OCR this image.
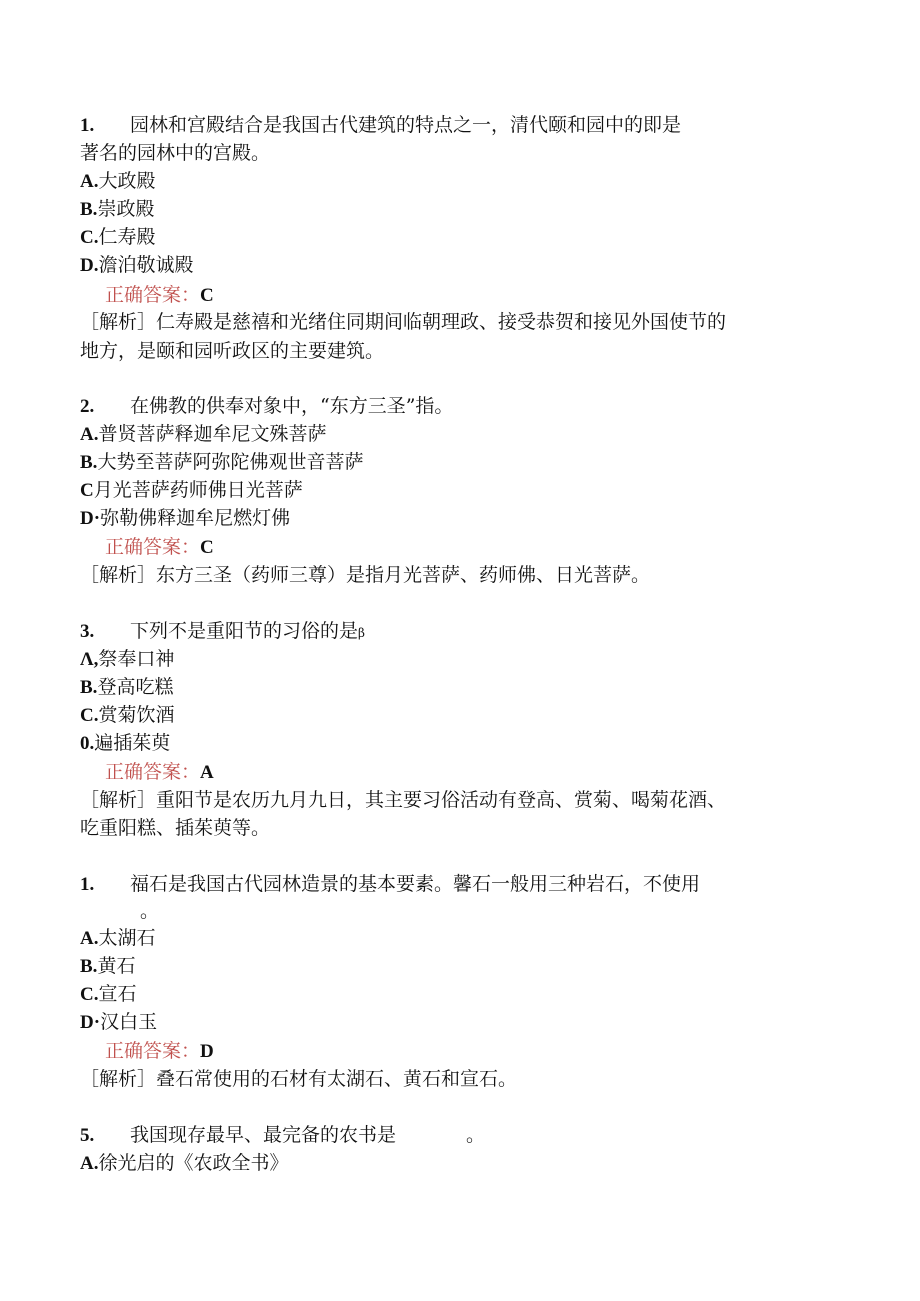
1. 园林和宫殿结合是我国古代建筑的特点之一，清代颐和园中的即是
著名的园林中的宫殿。
A.大政殿
B.崇政殿
C.仁寿殿
D.澹泊敬诚殿
正确答案：C
［解析］仁寿殿是慈禧和光绪住同期间临朝理政、接受恭贺和接见外国使节的
地方，是颐和园听政区的主要建筑。
2. 在佛教的供奉对象中，“东方三圣”指。
A.普贤菩萨释迦牟尼文殊菩萨
B.大势至菩萨阿弥陀佛观世音菩萨
C月光菩萨药师佛日光菩萨
D·弥勒佛释迦牟尼燃灯佛
正确答案：C
［解析］东方三圣（药师三尊）是指月光菩萨、药师佛、日光菩萨。
3. 下列不是重阳节的习俗的是β
Λ,祭奉口神
B.登高吃糕
C.赏菊饮酒
0.遍插茱萸
正确答案：A
［解析］重阳节是农历九月九日，其主要习俗活动有登高、赏菊、喝菊花酒、
吃重阳糕、插茱萸等。
1. 福石是我国古代园林造景的基本要素。馨石一般用三种岩石，不使用
。
A.太湖石
B.黄石
C.宣石
D·汉白玉
正确答案：D
［解析］叠石常使用的石材有太湖石、黄石和宣石。
5. 我国现存最早、最完备的农书是	。
A.徐光启的《农政全书》
